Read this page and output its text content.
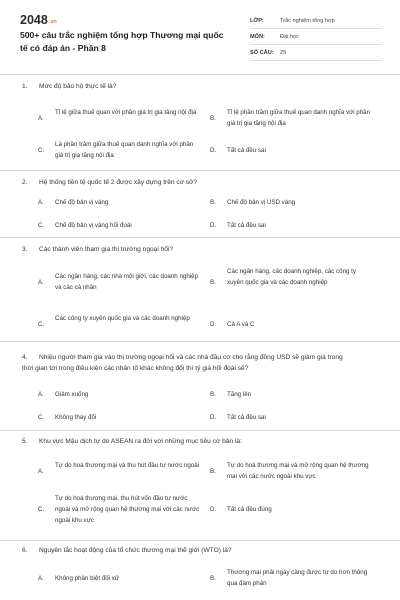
2048.vn
500+ câu trắc nghiệm tổng hợp Thương mại quốc tế có đáp án - Phần 8
LỚP:	Trắc nghiệm tổng hợp
MÔN:	Đại học
SỐ CÂU:	25
1. Mức độ bảo hộ thực tế là?
A.
Tỉ lệ giữa thuế quan với phần giá trị gia tăng nội địa
B.
Tỉ lệ phần trăm giữa thuế quan danh nghĩa với phần giá trị gia tăng nội địa
C.
Là phần trăm giữa thuế quan danh nghĩa với phần giá trị gia tăng nội địa
D.	Tất cả đều sai
2. Hệ thống tiền tệ quốc tế 2 được xây dựng trên cơ sở?
A.	Chế độ bản vị vàng	B.	Chế độ bản vị USD vàng
C.	Chế độ bản vị vàng hối đoái	D.	Tất cả đều sai
3. Các thành viên tham gia thị trường ngoại hối?
A.
Các ngân hàng, các nhà môi giới, các doanh nghiệp và các cá nhân
B.
Các ngân hàng, các doanh nghiệp, các công ty xuyên quốc gia và các doanh nghiệp
C.
Các công ty xuyên quốc gia và các doanh nghiệp
D.	Cả A và C
4. Nhiều người tham gia vào thị trường ngoại hối và các nhà đầu cơ cho rằng đồng USD sẽ giảm giá trong thời gian tới trong điều kiện các nhân tố khác không đổi thì tỷ giá hối đoái sẽ?
A.	Giảm xuống	B.	Tăng lên
C.	Không thay đổi	D.	Tất cả đều sai
5. Khu vực Mậu dịch tự do ASEAN ra đời với những mục tiêu cơ bản là:
A.
Tự do hoá thương mại và thu hút đầu tư nước ngoài
B.
Tự do hoá thương mại và mở rộng quan hệ thương mại với các nước ngoài khu vực
C.
Tự do hoá thương mại, thu hút vốn đầu tư nước ngoài và mở rộng quan hệ thương mại với các nước ngoài khu vực
D.	Tất cả đều đúng
6. Nguyên tắc hoạt động của tổ chức thương mại thế giới (WTO) là?
A.	Không phân biệt đối xử	B.
Thương mại phải ngày càng được tự do hơn thông qua đàm phán
